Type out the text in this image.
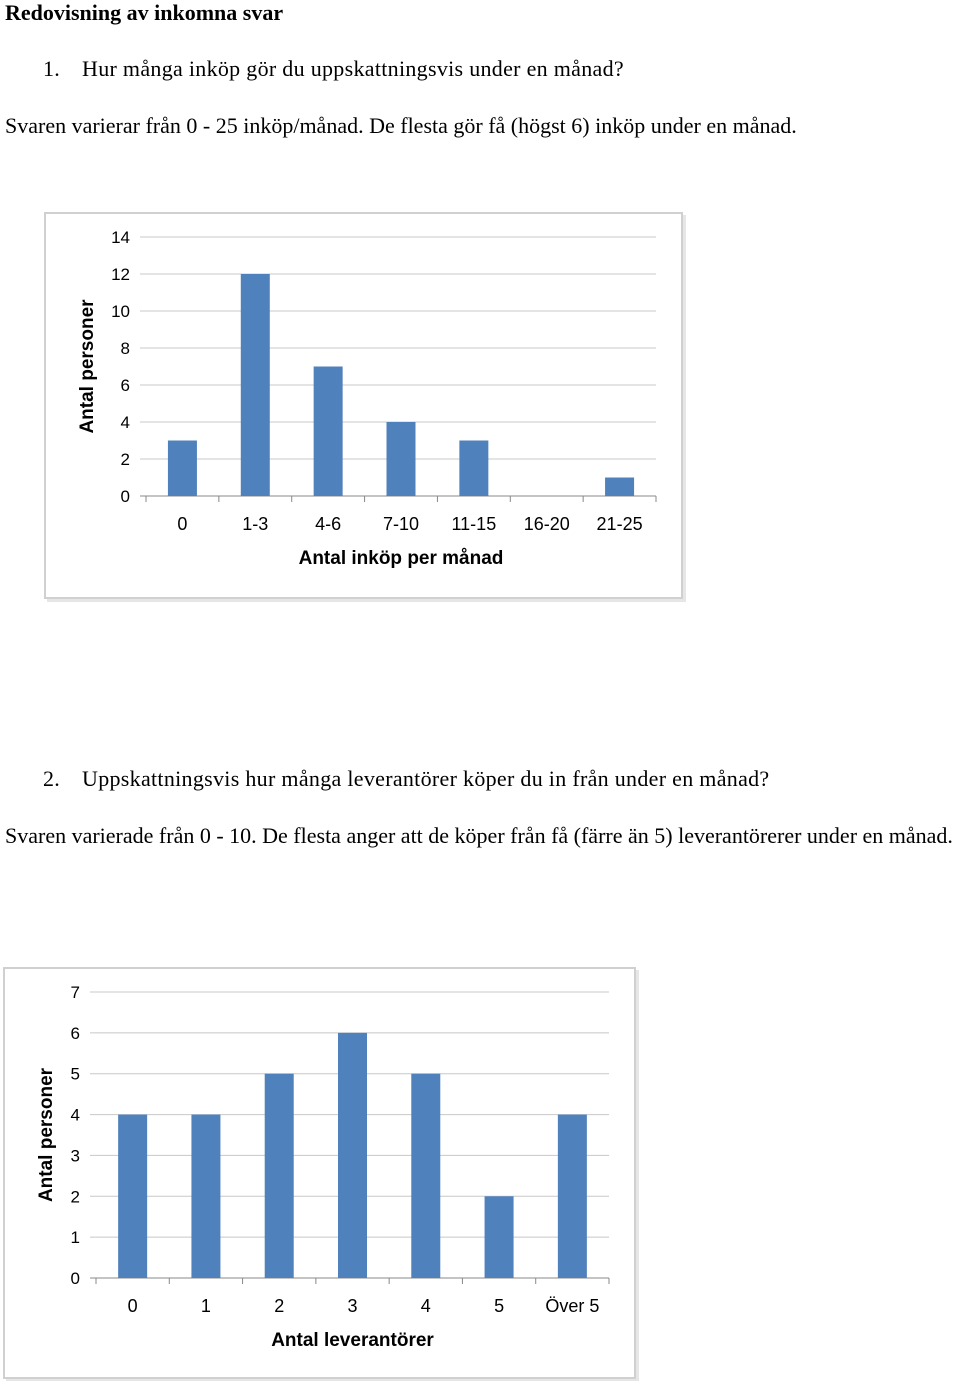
Redovisning av inkomna svar
1. Hur många inköp gör du uppskattningsvis under en månad?
Svaren varierar från 0 - 25 inköp/månad. De flesta gör få (högst 6) inköp under en månad.
0
2
4
6
8
10
12
14
0	1-3	4-6 7-10 11-15 16-20 21-25
Antal inköp per månad
Antal personer
2. Uppskattningsvis hur många leverantörer köper du in från under en månad?
Svaren varierade från 0 - 10. De flesta anger att de köper från få (färre än 5) leverantörerer under en månad.
0
1
2
3
4
5
6
7
0	1	2	3	4	5 Över 5
Antal leverantörer
Antal personer
